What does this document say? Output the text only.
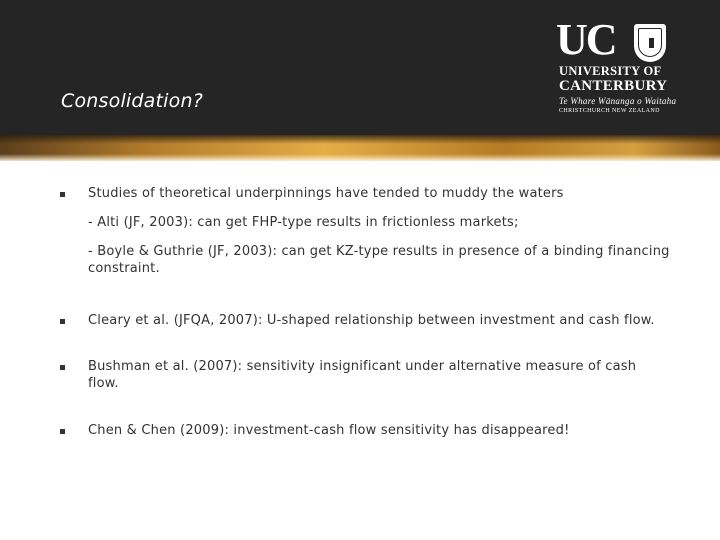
Consolidation?
UC
UNIVERSITY OF
CANTERBURY
Te Whare Wānanga o Waitaha
CHRISTCHURCH NEW ZEALAND
Studies of theoretical underpinnings have tended to muddy the waters
- Alti (JF, 2003): can get FHP-type results in frictionless markets;
- Boyle & Guthrie (JF, 2003): can get KZ-type results in presence of a binding financing constraint.
Cleary et al. (JFQA, 2007): U-shaped relationship between investment and cash flow.
Bushman et al. (2007): sensitivity insignificant under alternative measure of cash flow.
Chen & Chen (2009): investment-cash flow sensitivity has disappeared!
